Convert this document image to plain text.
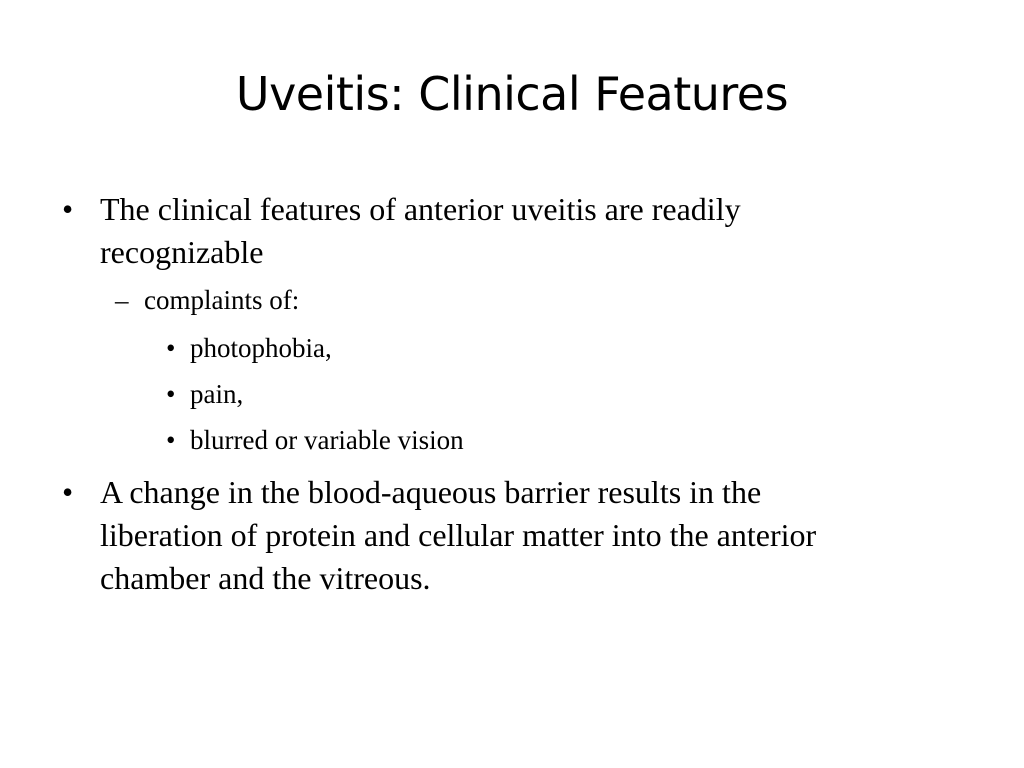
Uveitis: Clinical Features
• The clinical features of anterior uveitis are readily recognizable
– complaints of:
• photophobia,
• pain,
• blurred or variable vision
• A change in the blood-aqueous barrier results in the liberation of protein and cellular matter into the anterior chamber and the vitreous.
